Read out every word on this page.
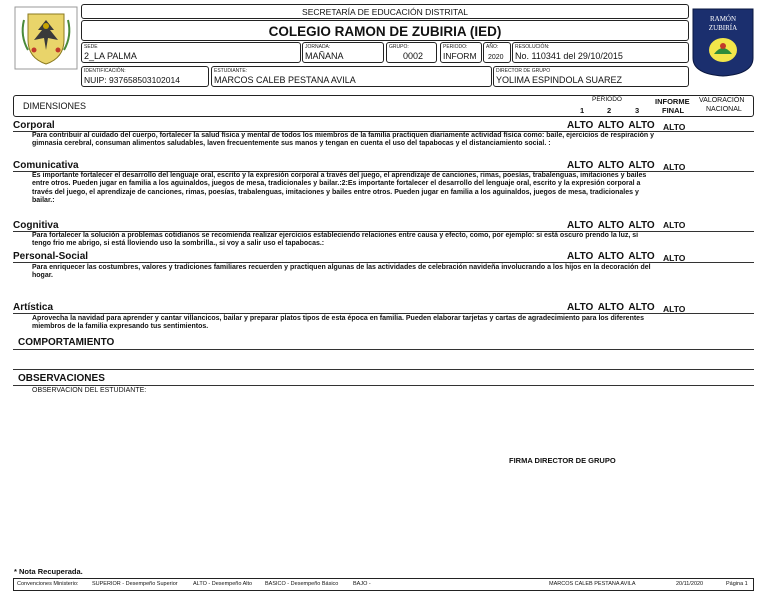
RAMÓN ZUBIRÍA
SECRETARÍA DE EDUCACIÓN DISTRITAL
COLEGIO RAMON DE ZUBIRIA (IED)
SEDE
2_LA PALMA
JORNADA:
MAÑANA
GRUPO:
0002
PERIODO:
INFORM
AÑO:
2020
RESOLUCIÓN:
No. 110341 del 29/10/2015
IDENTIFICACIÓN:
NUIP: 937658503102014
ESTUDIANTE:
MARCOS CALEB PESTANA AVILA
DIRECTOR DE GRUPO
YOLIMA ESPINDOLA SUAREZ
DIMENSIONES
PERIODO
1	2	3
INFORME
FINAL
VALORACIÓN
NACIONAL
Corporal	ALTO ALTO ALTO ALTO
Para contribuir al cuidado del cuerpo, fortalecer la salud física y mental de todos los miembros de la familia practiquen diariamente actividad física como: baile, ejercicios de respiración y gimnasia cerebral, consuman alimentos saludables, laven frecuentemente sus manos y tengan en cuenta el uso del tapabocas y el distanciamiento social. :
Comunicativa	ALTO ALTO ALTO ALTO
Es importante fortalecer el desarrollo del lenguaje oral, escrito y la expresión corporal a través del juego, el aprendizaje de canciones, rimas, poesías, trabalenguas, imitaciones y bailes entre otros. Pueden jugar en familia a los aguinaldos, juegos de mesa, tradicionales y bailar.:2:Es importante fortalecer el desarrollo del lenguaje oral, escrito y la expresión corporal a través del juego, el aprendizaje de canciones, rimas, poesías, trabalenguas, imitaciones y bailes entre otros. Pueden jugar en familia a los aguinaldos, juegos de mesa, tradicionales y bailar.:
Cognitiva	ALTO ALTO ALTO ALTO
Para fortalecer la solución a problemas cotidianos se recomienda realizar ejercicios estableciendo relaciones entre causa y efecto, como, por ejemplo: si está oscuro prendo la luz, si tengo frio me abrigo, si está lloviendo uso la sombrilla., si voy a salir uso el tapabocas.:
Personal-Social	ALTO ALTO ALTO ALTO
Para enriquecer las costumbres, valores y tradiciones familiares recuerden y practiquen algunas de las actividades de celebración navideña involucrando a los hijos en la decoración del hogar.
Artística	ALTO ALTO ALTO ALTO
Aprovecha la navidad para aprender y cantar villancicos, bailar y preparar platos tipos de esta época en familia. Pueden elaborar tarjetas y cartas de agradecimiento para los diferentes miembros de la familia expresando tus sentimientos.
COMPORTAMIENTO
OBSERVACIONES
OBSERVACION DEL ESTUDIANTE:
FIRMA DIRECTOR DE GRUPO
* Nota Recuperada.
Convenciones Ministerio: SUPERIOR - Desempeño Superior	ALTO - Desempeño Alto BASICO - Desempeño Básico	BAJO -	MARCOS CALEB PESTANA AVILA	20/11/2020	Página 1
